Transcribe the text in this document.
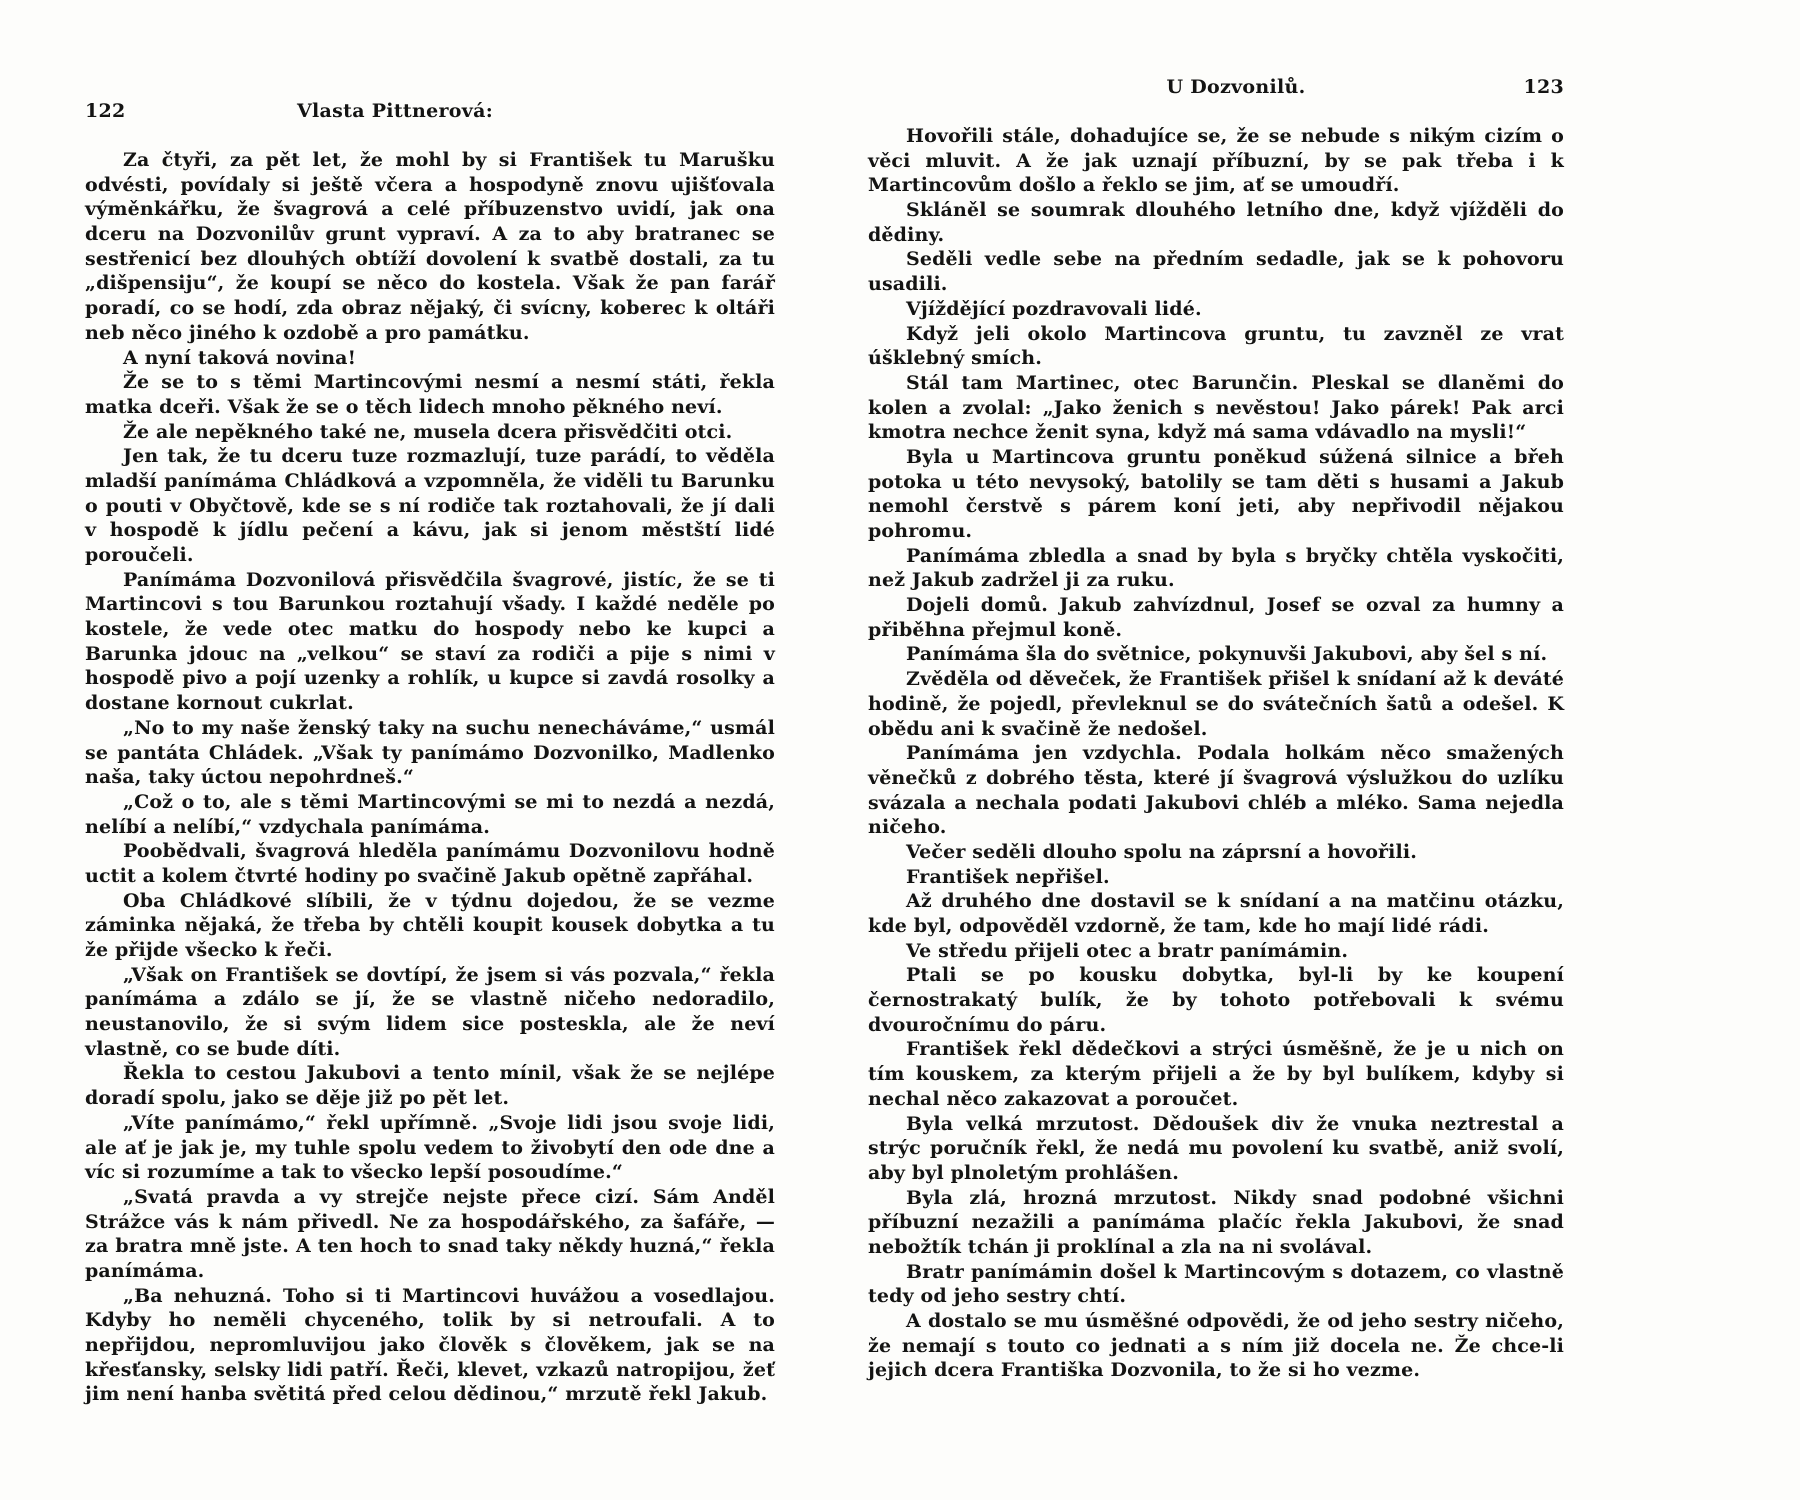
122	Vlasta Pittnerová:

Za čtyři, za pět let, že mohl by si František tu Marušku odvésti, povídaly si ještě včera a hospodyně znovu ujišťovala výměnkářku, že švagrová a celé příbuzenstvo uvidí, jak ona dceru na Dozvonilův grunt vypraví. A za to aby bratranec se sestřenicí bez dlouhých obtíží dovolení k svatbě dostali, za tu „dišpensiju“, že koupí se něco do kostela. Však že pan farář poradí, co se hodí, zda obraz nějaký, či svícny, koberec k oltáři neb něco jiného k ozdobě a pro památku.

A nyní taková novina!

Že se to s těmi Martincovými nesmí a nesmí státi, řekla matka dceři. Však že se o těch lidech mnoho pěkného neví.

Že ale nepěkného také ne, musela dcera přisvědčiti otci.

Jen tak, že tu dceru tuze rozmazlují, tuze parádí, to věděla mladší panímáma Chládková a vzpomněla, že viděli tu Barunku o pouti v Obyčtově, kde se s ní rodiče tak roztahovali, že jí dali v hospodě k jídlu pečení a kávu, jak si jenom městští lidé poroučeli.

Panímáma Dozvonilová přisvědčila švagrové, jistíc, že se ti Martincovi s tou Barunkou roztahují všady. I každé neděle po kostele, že vede otec matku do hospody nebo ke kupci a Barunka jdouc na „velkou“ se staví za rodiči a pije s nimi v hospodě pivo a pojí uzenky a rohlík, u kupce si zavdá rosolky a dostane kornout cukrlat.

„No to my naše ženský taky na suchu nenecháváme,“ usmál se pantáta Chládek. „Však ty panímámo Dozvonilko, Madlenko naša, taky úctou nepohrdneš.“

„Což o to, ale s těmi Martincovými se mi to nezdá a nezdá, nelíbí a nelíbí,“ vzdychala panímáma.

Poobědvali, švagrová hleděla panímámu Dozvonilovu hodně uctit a kolem čtvrté hodiny po svačině Jakub opětně zapřáhal.

Oba Chládkové slíbili, že v týdnu dojedou, že se vezme záminka nějaká, že třeba by chtěli koupit kousek dobytka a tu že přijde všecko k řeči.

„Však on František se dovtípí, že jsem si vás pozvala,“ řekla panímáma a zdálo se jí, že se vlastně ničeho nedoradilo, neustanovilo, že si svým lidem sice posteskla, ale že neví vlastně, co se bude díti.

Řekla to cestou Jakubovi a tento mínil, však že se nejlépe doradí spolu, jako se děje již po pět let.

„Víte panímámo,“ řekl upřímně. „Svoje lidi jsou svoje lidi, ale ať je jak je, my tuhle spolu vedem to živobytí den ode dne a víc si rozumíme a tak to všecko lepší posoudíme.“

„Svatá pravda a vy strejče nejste přece cizí. Sám Anděl Strážce vás k nám přivedl. Ne za hospodářského, za šafáře, — za bratra mně jste. A ten hoch to snad taky někdy huzná,“ řekla panímáma.

„Ba nehuzná. Toho si ti Martincovi huvážou a vosedlajou. Kdyby ho neměli chyceného, tolik by si netroufali. A to nepřijdou, nepromluvijou jako člověk s člověkem, jak se na křesťansky, selsky lidi patří. Řeči, klevet, vzkazů natropijou, žeť jim není hanba světitá před celou dědinou,“ mrzutě řekl Jakub.

U Dozvonilů.	123

Hovořili stále, dohadujíce se, že se nebude s nikým cizím o věci mluvit. A že jak uznají příbuzní, by se pak třeba i k Martincovům došlo a řeklo se jim, ať se umoudří.

Skláněl se soumrak dlouhého letního dne, když vjížděli do dědiny.

Seděli vedle sebe na předním sedadle, jak se k pohovoru usadili.

Vjíždějící pozdravovali lidé.

Když jeli okolo Martincova gruntu, tu zavzněl ze vrat úšklebný smích.

Stál tam Martinec, otec Barunčin. Pleskal se dlaněmi do kolen a zvolal: „Jako ženich s nevěstou! Jako párek! Pak arci kmotra nechce ženit syna, když má sama vdávadlo na mysli!“

Byla u Martincova gruntu poněkud súžená silnice a břeh potoka u této nevysoký, batolily se tam děti s husami a Jakub nemohl čerstvě s párem koní jeti, aby nepřivodil nějakou pohromu.

Panímáma zbledla a snad by byla s bryčky chtěla vyskočiti, než Jakub zadržel ji za ruku.

Dojeli domů. Jakub zahvízdnul, Josef se ozval za humny a přiběhna přejmul koně.

Panímáma šla do světnice, pokynuvši Jakubovi, aby šel s ní.

Zvěděla od děveček, že František přišel k snídaní až k deváté hodině, že pojedl, převleknul se do svátečních šatů a odešel. K obědu ani k svačině že nedošel.

Panímáma jen vzdychla. Podala holkám něco smažených věnečků z dobrého těsta, které jí švagrová výslužkou do uzlíku svázala a nechala podati Jakubovi chléb a mléko. Sama nejedla ničeho.

Večer seděli dlouho spolu na záprsní a hovořili.

František nepřišel.

Až druhého dne dostavil se k snídaní a na matčinu otázku, kde byl, odpověděl vzdorně, že tam, kde ho mají lidé rádi.

Ve středu přijeli otec a bratr panímámin.

Ptali se po kousku dobytka, byl-li by ke koupení černostrakatý bulík, že by tohoto potřebovali k svému dvouročnímu do páru.

František řekl dědečkovi a strýci úsměšně, že je u nich on tím kouskem, za kterým přijeli a že by byl bulíkem, kdyby si nechal něco zakazovat a poroučet.

Byla velká mrzutost. Dědoušek div že vnuka neztrestal a strýc poručník řekl, že nedá mu povolení ku svatbě, aniž svolí, aby byl plnoletým prohlášen.

Byla zlá, hrozná mrzutost. Nikdy snad podobné všichni příbuzní nezažili a panímáma plačíc řekla Jakubovi, že snad nebožtík tchán ji proklínal a zla na ni svolával.

Bratr panímámin došel k Martincovým s dotazem, co vlastně tedy od jeho sestry chtí.

A dostalo se mu úsměšné odpovědi, že od jeho sestry ničeho, že nemají s touto co jednati a s ním již docela ne. Že chce-li jejich dcera Františka Dozvonila, to že si ho vezme.
